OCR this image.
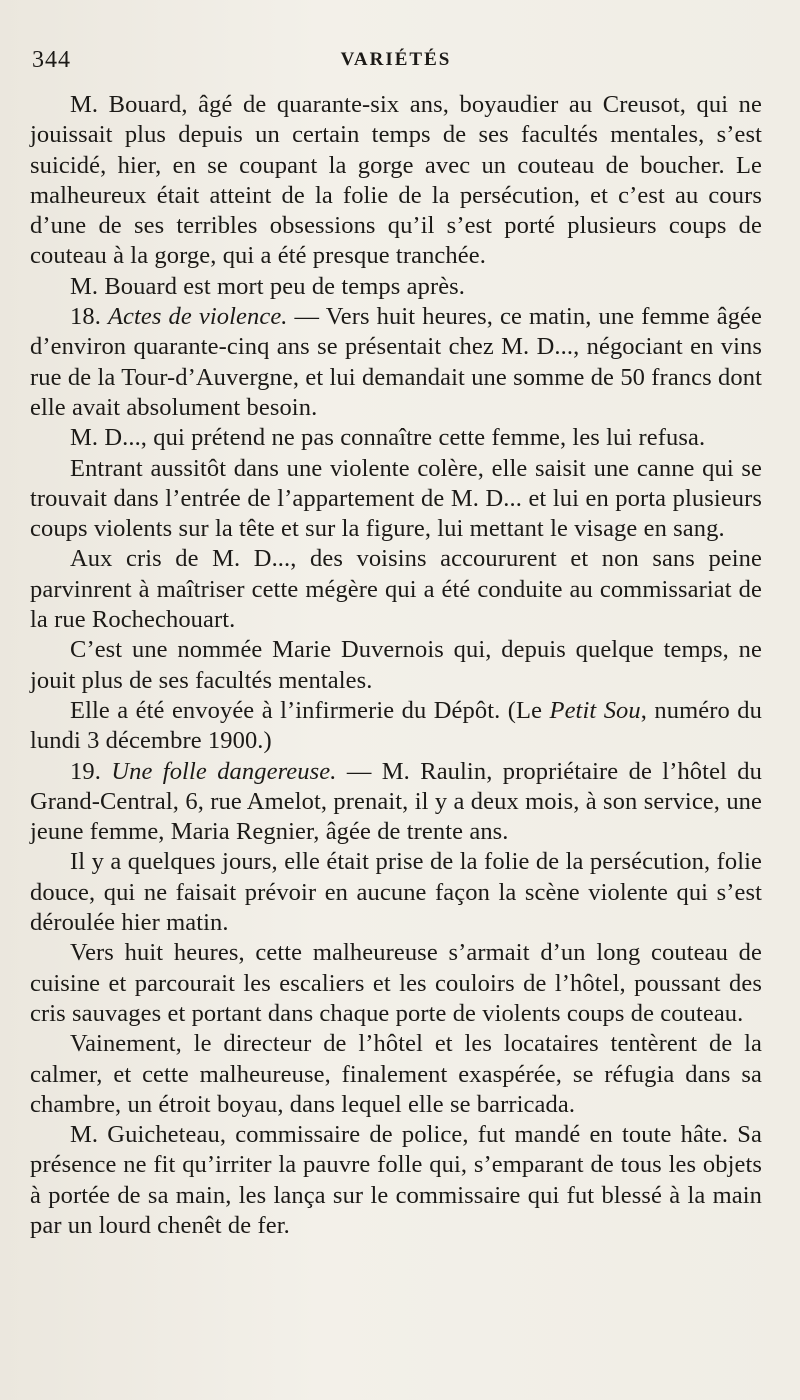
344	VARIÉTÉS

M. Bouard, âgé de quarante-six ans, boyaudier au Creusot, qui ne jouissait plus depuis un certain temps de ses facultés mentales, s’est suicidé, hier, en se coupant la gorge avec un couteau de boucher. Le malheureux était atteint de la folie de la persécution, et c’est au cours d’une de ses terribles obsessions qu’il s’est porté plusieurs coups de couteau à la gorge, qui a été presque tranchée.

M. Bouard est mort peu de temps après.

18. Actes de violence. — Vers huit heures, ce matin, une femme âgée d’environ quarante-cinq ans se présentait chez M. D..., négociant en vins rue de la Tour-d’Auvergne, et lui demandait une somme de 50 francs dont elle avait absolument besoin.

M. D..., qui prétend ne pas connaître cette femme, les lui refusa.

Entrant aussitôt dans une violente colère, elle saisit une canne qui se trouvait dans l’entrée de l’appartement de M. D... et lui en porta plusieurs coups violents sur la tête et sur la figure, lui mettant le visage en sang.

Aux cris de M. D..., des voisins accoururent et non sans peine parvinrent à maîtriser cette mégère qui a été conduite au commissariat de la rue Rochechouart.

C’est une nommée Marie Duvernois qui, depuis quelque temps, ne jouit plus de ses facultés mentales.

Elle a été envoyée à l’infirmerie du Dépôt. (Le Petit Sou, numéro du lundi 3 décembre 1900.)

19. Une folle dangereuse. — M. Raulin, propriétaire de l’hôtel du Grand-Central, 6, rue Amelot, prenait, il y a deux mois, à son service, une jeune femme, Maria Regnier, âgée de trente ans.

Il y a quelques jours, elle était prise de la folie de la persécution, folie douce, qui ne faisait prévoir en aucune façon la scène violente qui s’est déroulée hier matin.

Vers huit heures, cette malheureuse s’armait d’un long couteau de cuisine et parcourait les escaliers et les couloirs de l’hôtel, poussant des cris sauvages et portant dans chaque porte de violents coups de couteau.

Vainement, le directeur de l’hôtel et les locataires tentèrent de la calmer, et cette malheureuse, finalement exaspérée, se réfugia dans sa chambre, un étroit boyau, dans lequel elle se barricada.

M. Guicheteau, commissaire de police, fut mandé en toute hâte. Sa présence ne fit qu’irriter la pauvre folle qui, s’emparant de tous les objets à portée de sa main, les lança sur le commissaire qui fut blessé à la main par un lourd chenêt de fer.
